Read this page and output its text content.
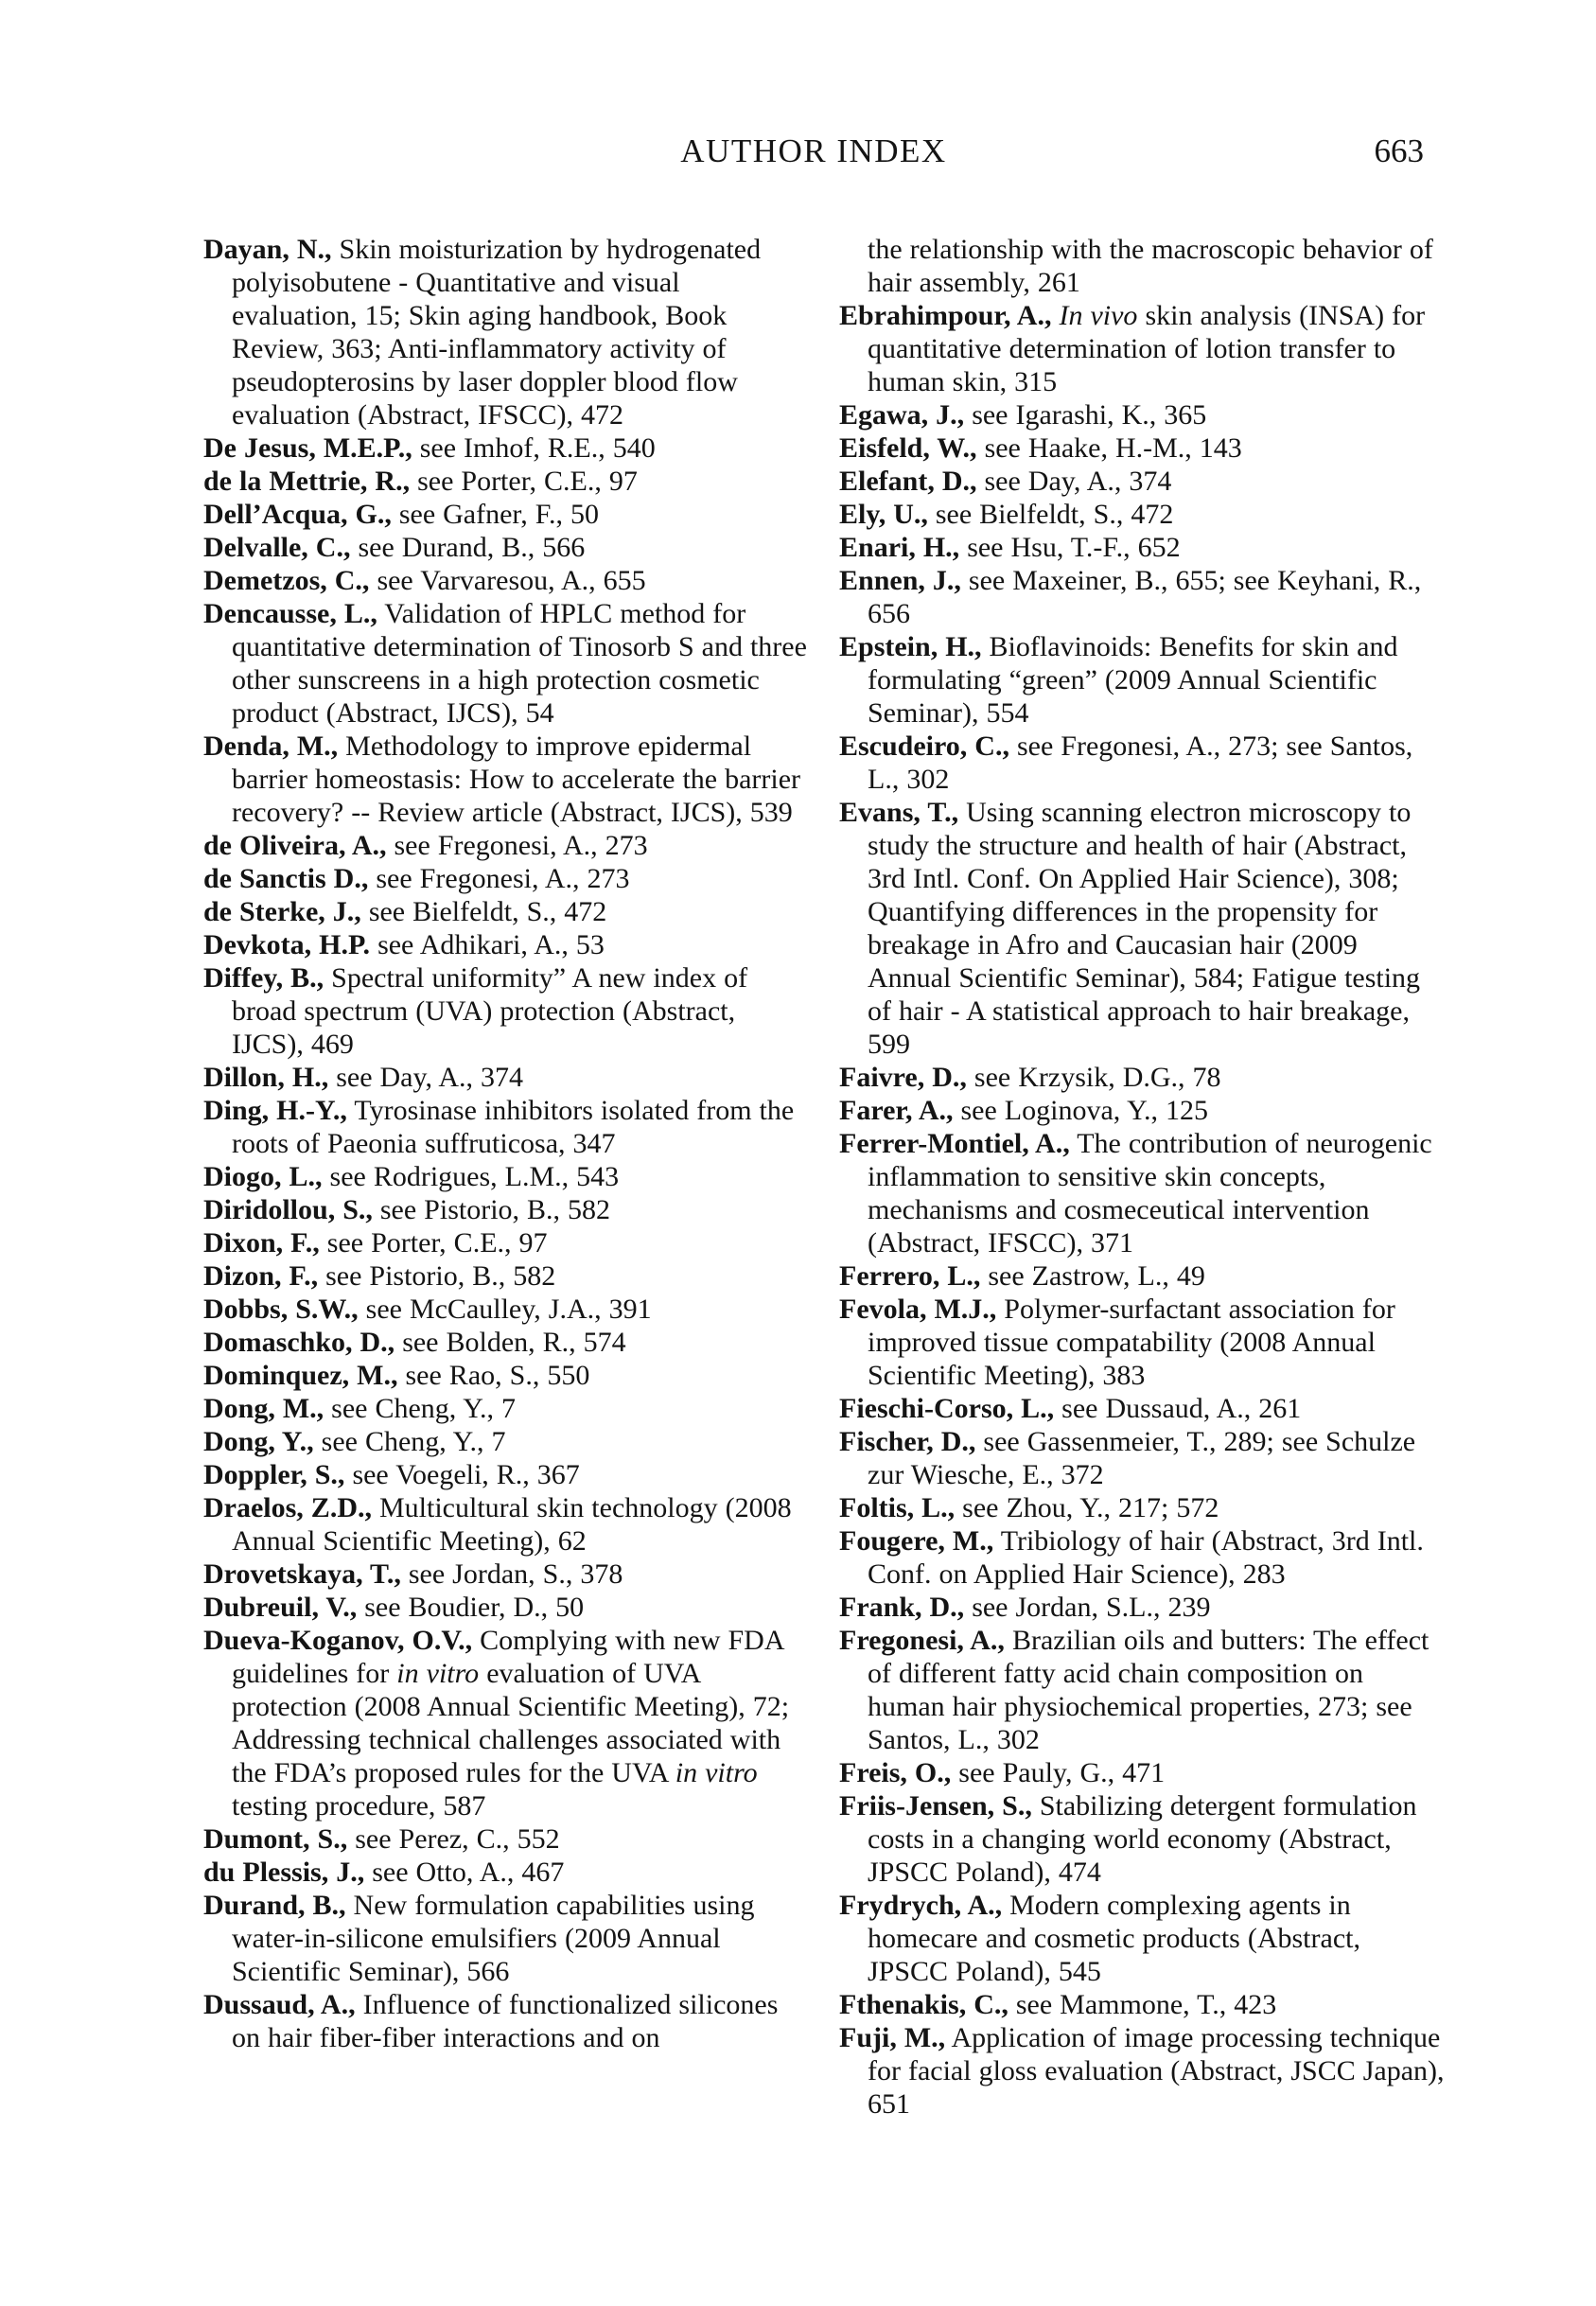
AUTHOR INDEX	663

Dayan, N., Skin moisturization by hydrogenated polyisobutene - Quantitative and visual evaluation, 15; Skin aging handbook, Book Review, 363; Anti-inflammatory activity of pseudopterosins by laser doppler blood flow evaluation (Abstract, IFSCC), 472

De Jesus, M.E.P., see Imhof, R.E., 540

de la Mettrie, R., see Porter, C.E., 97

Dell’Acqua, G., see Gafner, F., 50

Delvalle, C., see Durand, B., 566

Demetzos, C., see Varvaresou, A., 655

Dencausse, L., Validation of HPLC method for quantitative determination of Tinosorb S and three other sunscreens in a high protection cosmetic product (Abstract, IJCS), 54

Denda, M., Methodology to improve epidermal barrier homeostasis: How to accelerate the barrier recovery? -- Review article (Abstract, IJCS), 539

de Oliveira, A., see Fregonesi, A., 273

de Sanctis D., see Fregonesi, A., 273

de Sterke, J., see Bielfeldt, S., 472

Devkota, H.P. see Adhikari, A., 53

Diffey, B., Spectral uniformity” A new index of broad spectrum (UVA) protection (Abstract, IJCS), 469

Dillon, H., see Day, A., 374

Ding, H.-Y., Tyrosinase inhibitors isolated from the roots of Paeonia suffruticosa, 347

Diogo, L., see Rodrigues, L.M., 543

Diridollou, S., see Pistorio, B., 582

Dixon, F., see Porter, C.E., 97

Dizon, F., see Pistorio, B., 582

Dobbs, S.W., see McCaulley, J.A., 391

Domaschko, D., see Bolden, R., 574

Dominquez, M., see Rao, S., 550

Dong, M., see Cheng, Y., 7

Dong, Y., see Cheng, Y., 7

Doppler, S., see Voegeli, R., 367

Draelos, Z.D., Multicultural skin technology (2008 Annual Scientific Meeting), 62

Drovetskaya, T., see Jordan, S., 378

Dubreuil, V., see Boudier, D., 50

Dueva-Koganov, O.V., Complying with new FDA guidelines for in vitro evaluation of UVA protection (2008 Annual Scientific Meeting), 72; Addressing technical challenges associated with the FDA’s proposed rules for the UVA in vitro testing procedure, 587

Dumont, S., see Perez, C., 552

du Plessis, J., see Otto, A., 467

Durand, B., New formulation capabilities using water-in-silicone emulsifiers (2009 Annual Scientific Seminar), 566

Dussaud, A., Influence of functionalized silicones on hair fiber-fiber interactions and on

the relationship with the macroscopic behavior of hair assembly, 261

Ebrahimpour, A., In vivo skin analysis (INSA) for quantitative determination of lotion transfer to human skin, 315

Egawa, J., see Igarashi, K., 365

Eisfeld, W., see Haake, H.-M., 143

Elefant, D., see Day, A., 374

Ely, U., see Bielfeldt, S., 472

Enari, H., see Hsu, T.-F., 652

Ennen, J., see Maxeiner, B., 655; see Keyhani, R., 656

Epstein, H., Bioflavinoids: Benefits for skin and formulating “green” (2009 Annual Scientific Seminar), 554

Escudeiro, C., see Fregonesi, A., 273; see Santos, L., 302

Evans, T., Using scanning electron microscopy to study the structure and health of hair (Abstract, 3rd Intl. Conf. On Applied Hair Science), 308; Quantifying differences in the propensity for breakage in Afro and Caucasian hair (2009 Annual Scientific Seminar), 584; Fatigue testing of hair - A statistical approach to hair breakage, 599

Faivre, D., see Krzysik, D.G., 78

Farer, A., see Loginova, Y., 125

Ferrer-Montiel, A., The contribution of neurogenic inflammation to sensitive skin concepts, mechanisms and cosmeceutical intervention (Abstract, IFSCC), 371

Ferrero, L., see Zastrow, L., 49

Fevola, M.J., Polymer-surfactant association for improved tissue compatability (2008 Annual Scientific Meeting), 383

Fieschi-Corso, L., see Dussaud, A., 261

Fischer, D., see Gassenmeier, T., 289; see Schulze zur Wiesche, E., 372

Foltis, L., see Zhou, Y., 217; 572

Fougere, M., Tribiology of hair (Abstract, 3rd Intl. Conf. on Applied Hair Science), 283

Frank, D., see Jordan, S.L., 239

Fregonesi, A., Brazilian oils and butters: The effect of different fatty acid chain composition on human hair physiochemical properties, 273; see Santos, L., 302

Freis, O., see Pauly, G., 471

Friis-Jensen, S., Stabilizing detergent formulation costs in a changing world economy (Abstract, JPSCC Poland), 474

Frydrych, A., Modern complexing agents in homecare and cosmetic products (Abstract, JPSCC Poland), 545

Fthenakis, C., see Mammone, T., 423

Fuji, M., Application of image processing technique for facial gloss evaluation (Abstract, JSCC Japan), 651
